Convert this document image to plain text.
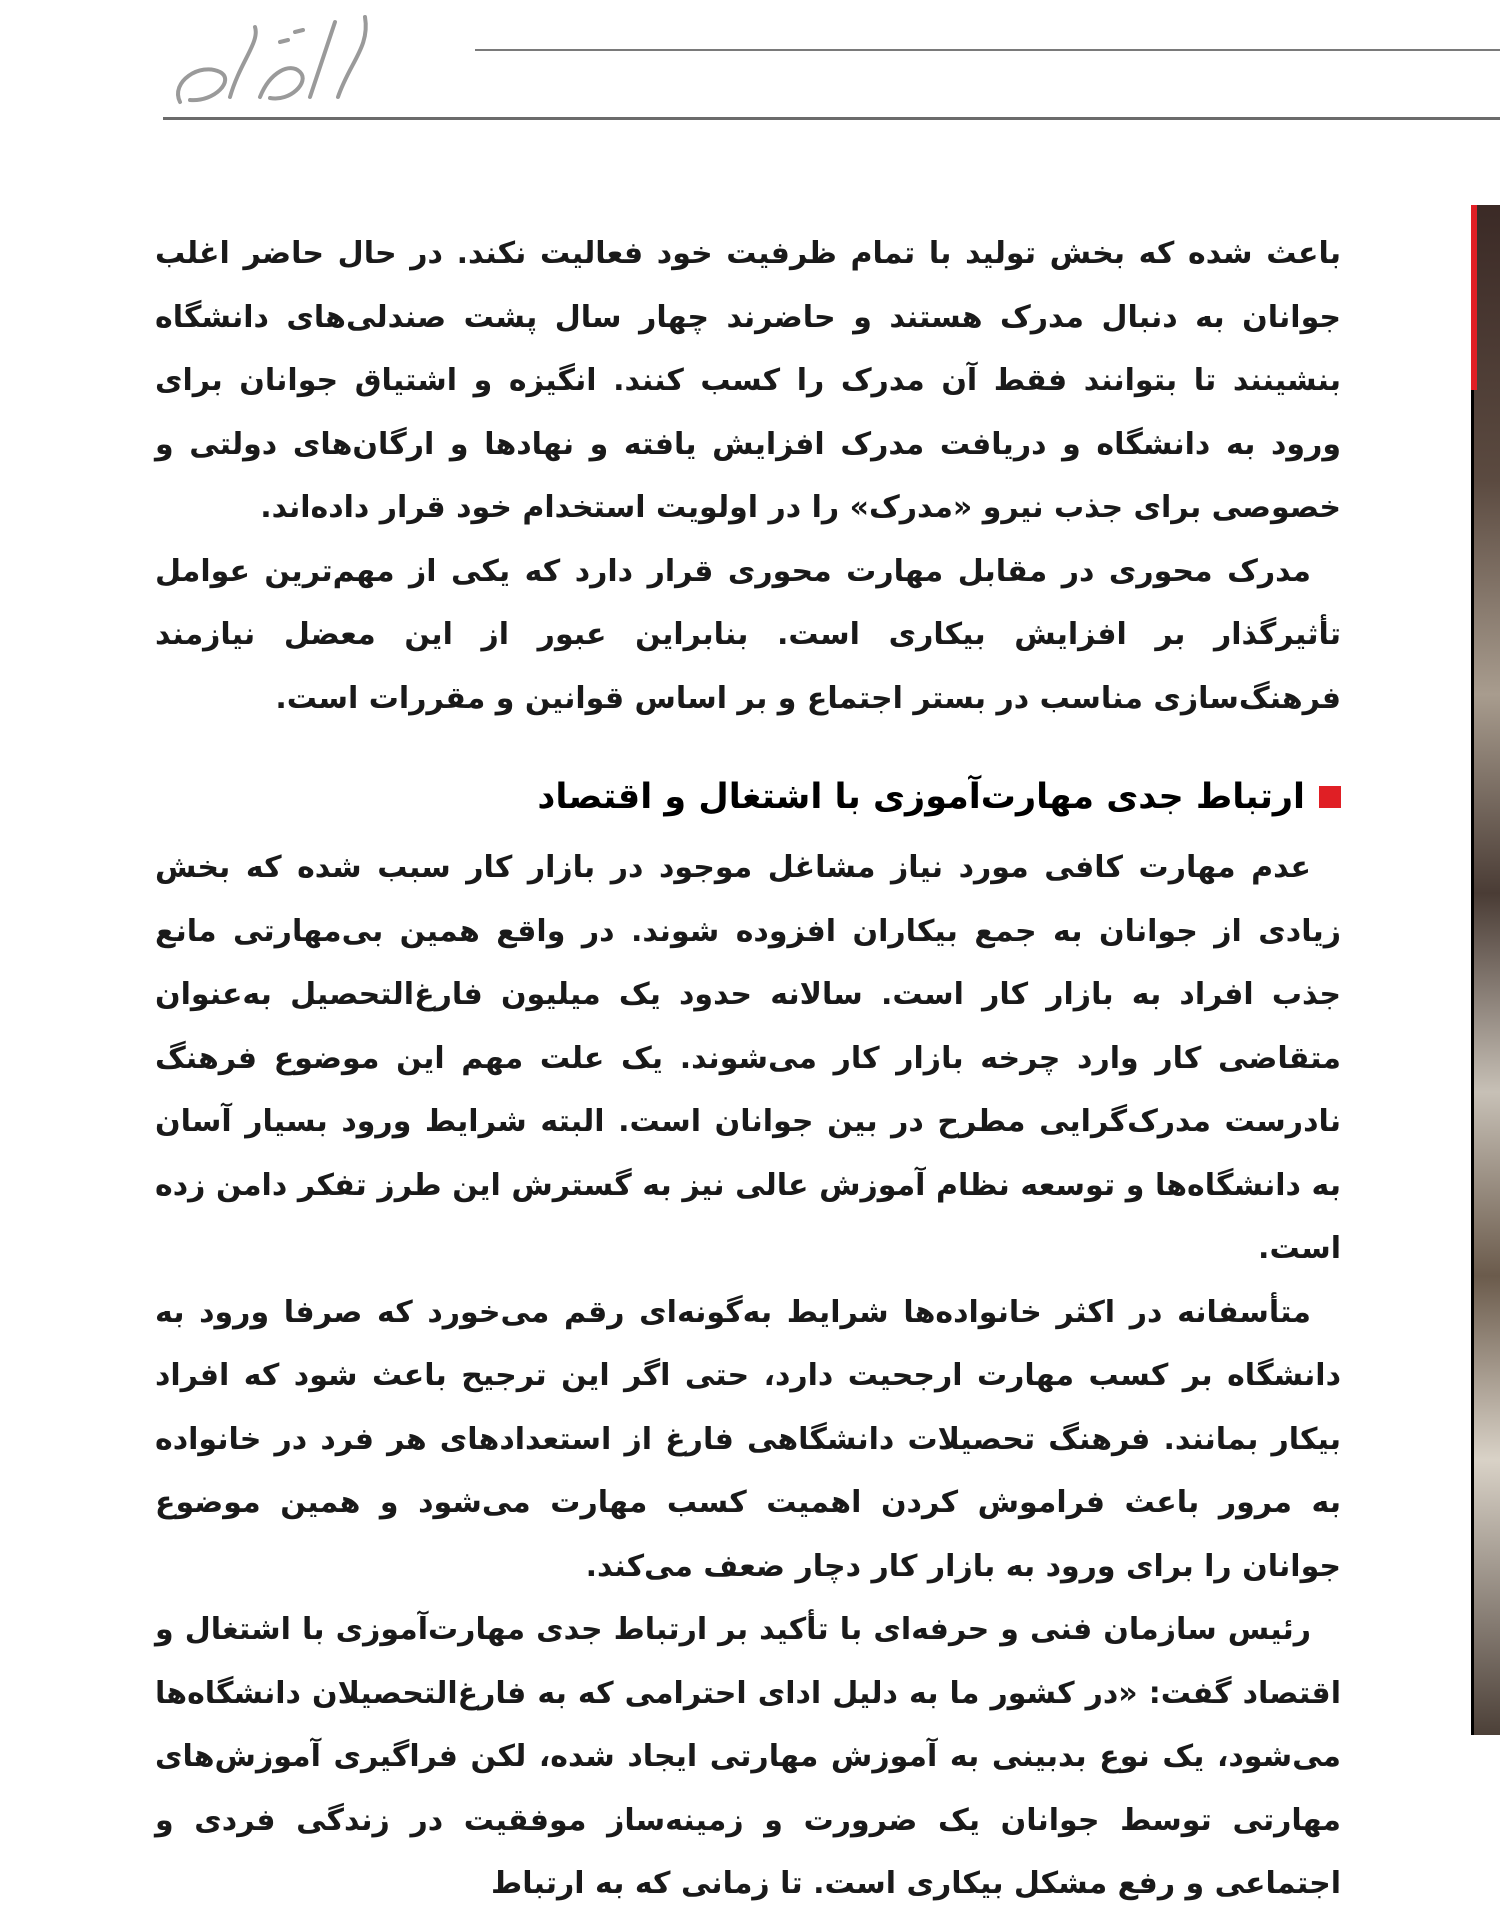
باعث شده که بخش تولید با تمام ظرفیت خود فعالیت نکند. در حال حاضر اغلب جوانان به دنبال مدرک هستند و حاضرند چهار سال پشت صندلی‌های دانشگاه بنشینند تا بتوانند فقط آن مدرک را کسب کنند. انگیزه و اشتیاق جوانان برای ورود به دانشگاه و دریافت مدرک افزایش یافته و نهادها و ارگان‌های دولتی و خصوصی برای جذب نیرو «مدرک» را در اولویت استخدام خود قرار داده‌اند.

مدرک محوری در مقابل مهارت محوری قرار دارد که یکی از مهم‌ترین عوامل تأثیرگذار بر افزایش بیکاری است. بنابراین عبور از این معضل نیازمند فرهنگ‌سازی مناسب در بستر اجتماع و بر اساس قوانین و مقررات است.

ارتباط جدی مهارت‌آموزی با اشتغال و اقتصاد

عدم مهارت کافی مورد نیاز مشاغل موجود در بازار کار سبب شده که بخش زیادی از جوانان به جمع بیکاران افزوده شوند. در واقع همین بی‌مهارتی مانع جذب افراد به بازار کار است. سالانه حدود یک میلیون فارغ‌التحصیل به‌عنوان متقاضی کار وارد چرخه بازار کار می‌شوند. یک علت مهم این موضوع فرهنگ نادرست مدرک‌گرایی مطرح در بین جوانان است. البته شرایط ورود بسیار آسان به دانشگاه‌ها و توسعه نظام آموزش عالی نیز به گسترش این طرز تفکر دامن زده است.

متأسفانه در اکثر خانواده‌ها شرایط به‌گونه‌ای رقم می‌خورد که صرفا ورود به دانشگاه بر کسب مهارت ارجحیت دارد، حتی اگر این ترجیح باعث شود که افراد بیکار بمانند. فرهنگ تحصیلات دانشگاهی فارغ از استعدادهای هر فرد در خانواده به مرور باعث فراموش کردن اهمیت کسب مهارت می‌شود و همین موضوع جوانان را برای ورود به بازار کار دچار ضعف می‌کند.

رئیس سازمان فنی و حرفه‌ای با تأکید بر ارتباط جدی مهارت‌آموزی با اشتغال و اقتصاد گفت: «در کشور ما به دلیل ادای احترامی که به فارغ‌التحصیلان دانشگاه‌ها می‌شود، یک نوع بدبینی به آموزش مهارتی ایجاد شده، لکن فراگیری آموزش‌های مهارتی توسط جوانان یک ضرورت و زمینه‌ساز موفقیت در زندگی فردی و اجتماعی و رفع مشکل بیکاری است. تا زمانی که به ارتباط
